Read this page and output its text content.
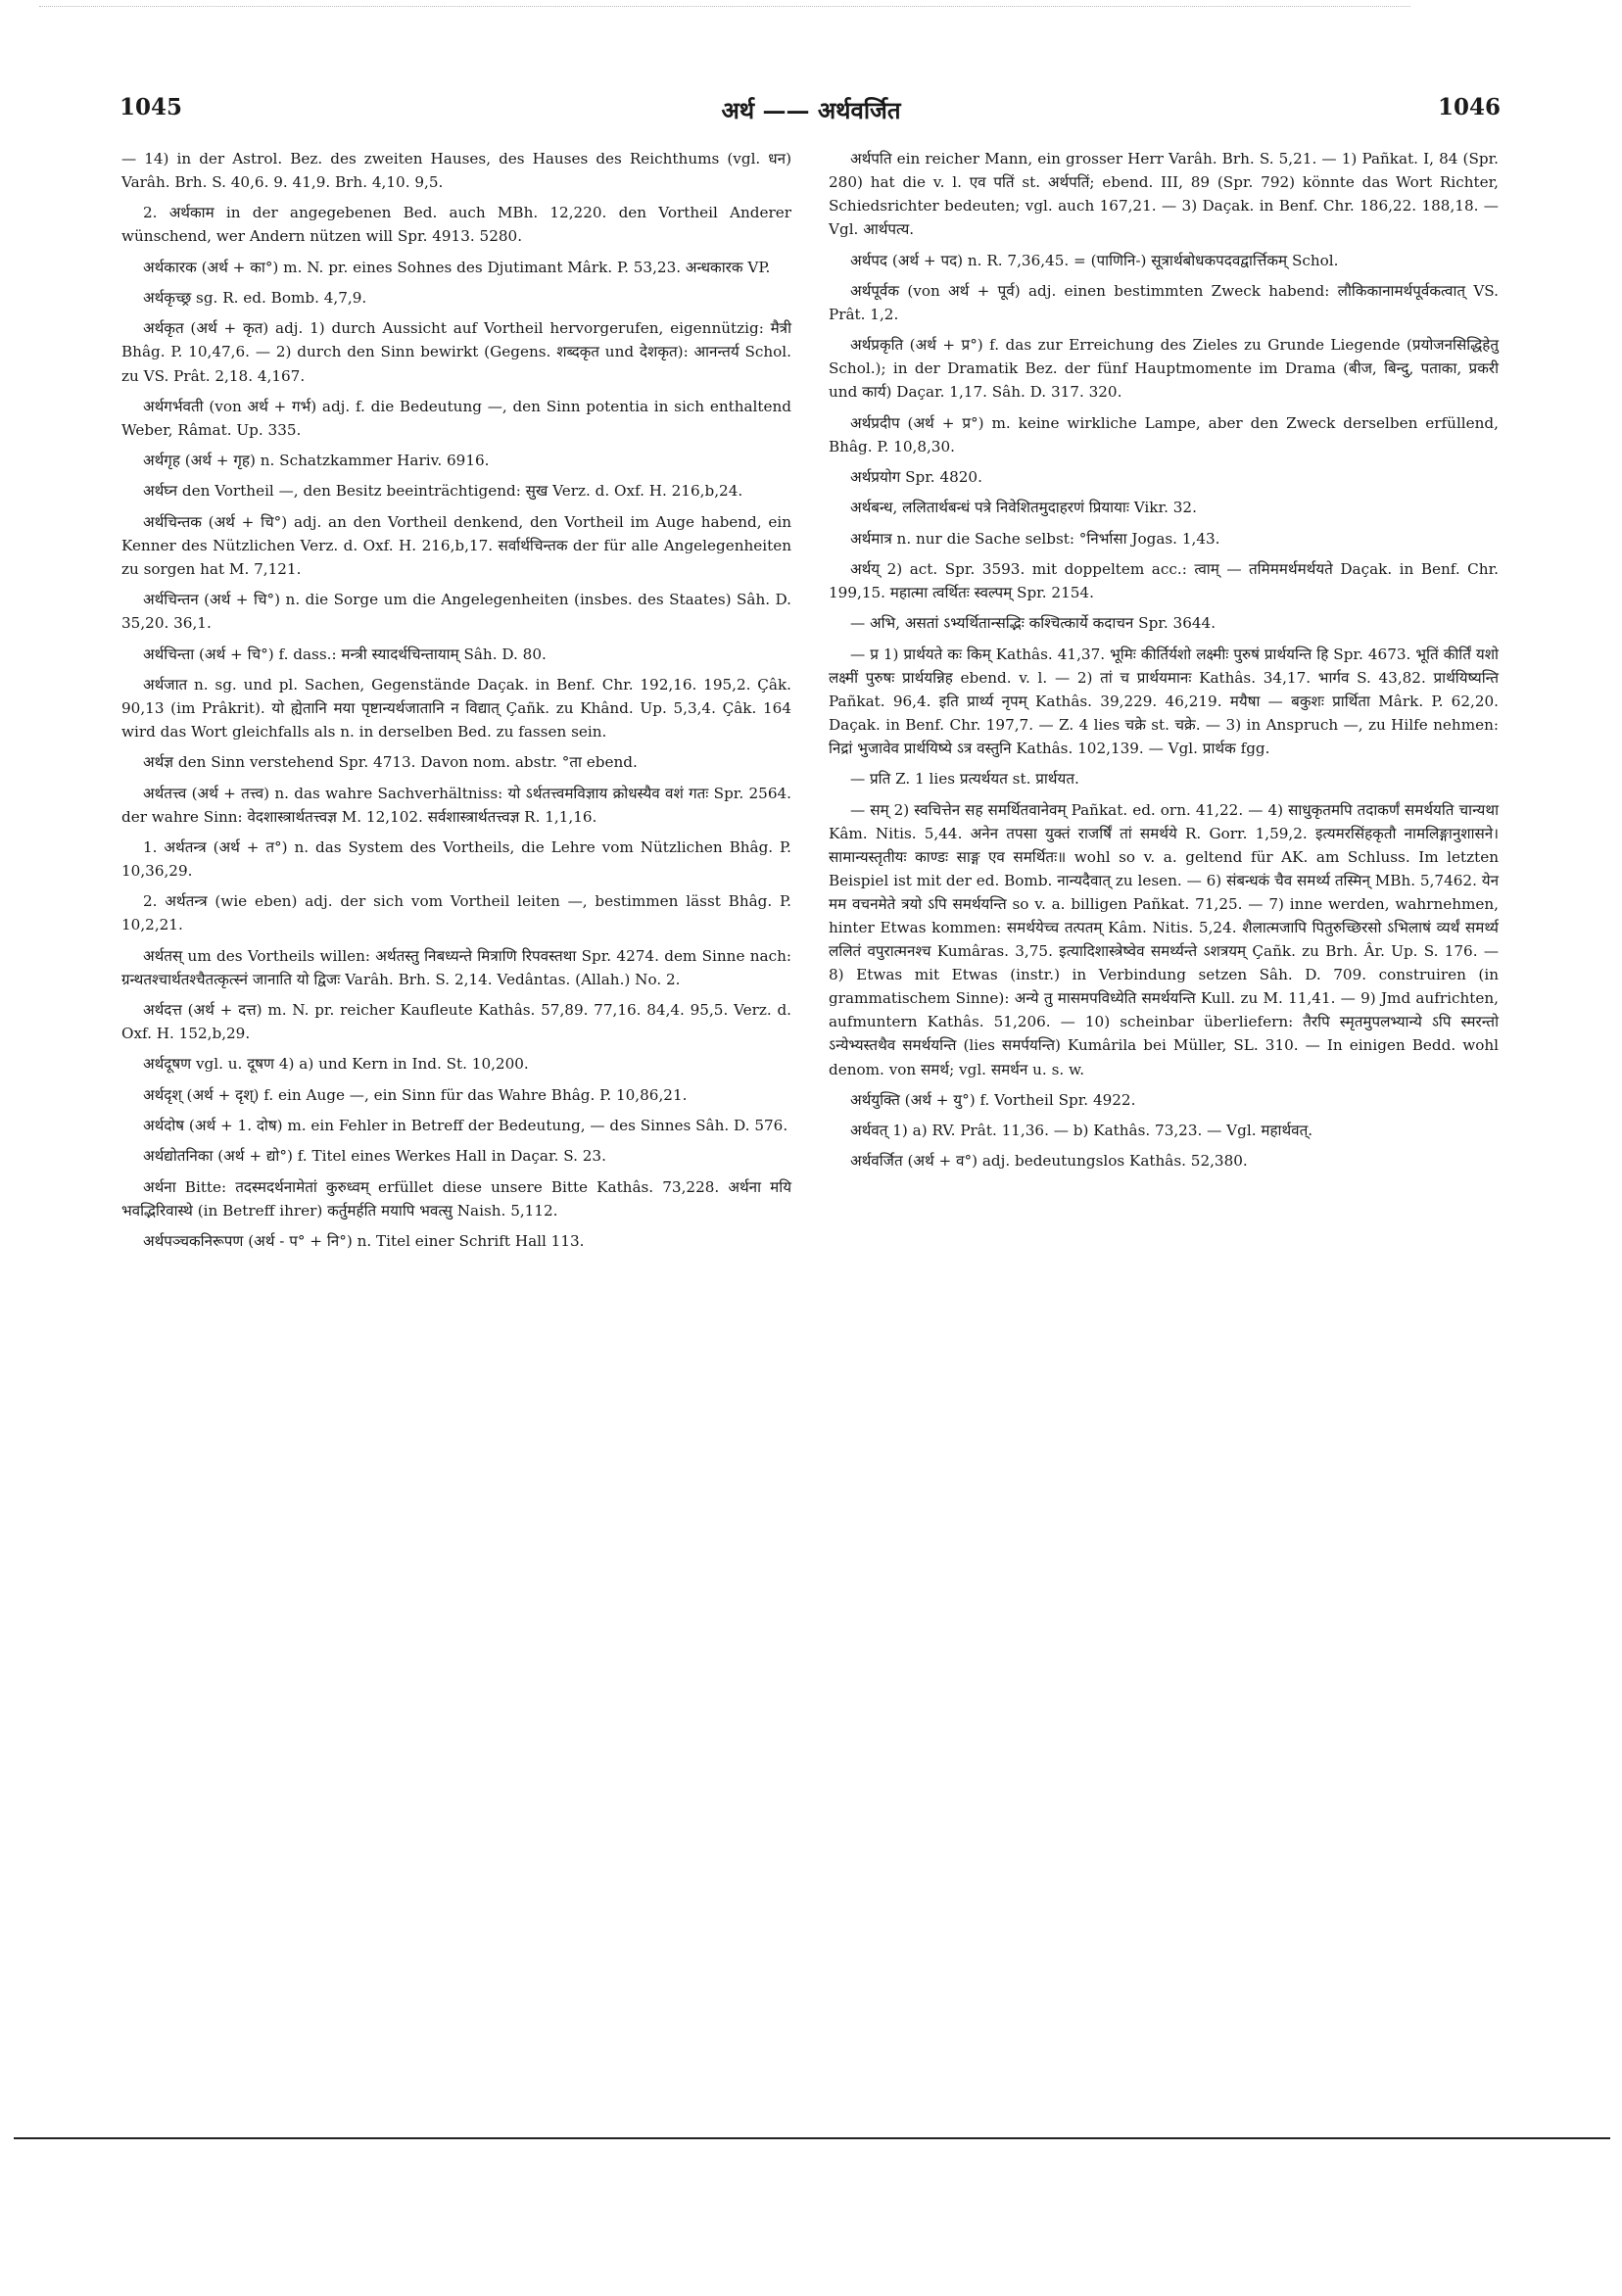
1045	अर्थ —— अर्थवर्जित	1046

— 14) in der Astrol. Bez. des zweiten Hauses, des Hauses des Reichthums (vgl. धन) Varâh. Brh. S. 40,6. 9. 41,9. Brh. 4,10. 9,5.

2. अर्थकाम in der angegebenen Bed. auch MBh. 12,220. den Vortheil Anderer wünschend, wer Andern nützen will Spr. 4913. 5280.

अर्थकारक (अर्थ + का°) m. N. pr. eines Sohnes des Djutimant Mârk. P. 53,23. अन्धकारक VP.

अर्थकृच्छ्र sg. R. ed. Bomb. 4,7,9.

अर्थकृत (अर्थ + कृत) adj. 1) durch Aussicht auf Vortheil hervorgerufen, eigennützig: मैत्री Bhâg. P. 10,47,6. — 2) durch den Sinn bewirkt (Gegens. शब्दकृत und देशकृत): आनन्तर्य Schol. zu VS. Prât. 2,18. 4,167.

अर्थगर्भवती (von अर्थ + गर्भ) adj. f. die Bedeutung —, den Sinn potentia in sich enthaltend Weber, Râmat. Up. 335.

अर्थगृह (अर्थ + गृह) n. Schatzkammer Hariv. 6916.

अर्थघ्न den Vortheil —, den Besitz beeinträchtigend: सुख Verz. d. Oxf. H. 216,b,24.

अर्थचिन्तक (अर्थ + चि°) adj. an den Vortheil denkend, den Vortheil im Auge habend, ein Kenner des Nützlichen Verz. d. Oxf. H. 216,b,17. सर्वार्थचिन्तक der für alle Angelegenheiten zu sorgen hat M. 7,121.

अर्थचिन्तन (अर्थ + चि°) n. die Sorge um die Angelegenheiten (insbes. des Staates) Sâh. D. 35,20. 36,1.

अर्थचिन्ता (अर्थ + चि°) f. dass.: मन्त्री स्यादर्थचिन्तायाम् Sâh. D. 80.

अर्थजात n. sg. und pl. Sachen, Gegenstände Daçak. in Benf. Chr. 192,16. 195,2. Çâk. 90,13 (im Prâkrit). यो ह्येतानि मया पृष्टान्यर्थजातानि न विद्यात् Çañk. zu Khând. Up. 5,3,4. Çâk. 164 wird das Wort gleichfalls als n. in derselben Bed. zu fassen sein.

अर्थज्ञ den Sinn verstehend Spr. 4713. Davon nom. abstr. °ता ebend.

अर्थतत्त्व (अर्थ + तत्त्व) n. das wahre Sachverhältniss: यो ऽर्थतत्त्वमविज्ञाय क्रोधस्यैव वशं गतः Spr. 2564. der wahre Sinn: वेदशास्त्रार्थतत्त्वज्ञ M. 12,102. सर्वशास्त्रार्थतत्त्वज्ञ R. 1,1,16.

1. अर्थतन्त्र (अर्थ + त°) n. das System des Vortheils, die Lehre vom Nützlichen Bhâg. P. 10,36,29.

2. अर्थतन्त्र (wie eben) adj. der sich vom Vortheil leiten —, bestimmen lässt Bhâg. P. 10,2,21.

अर्थतस् um des Vortheils willen: अर्थतस्तु निबध्यन्ते मित्राणि रिपवस्तथा Spr. 4274. dem Sinne nach: ग्रन्थतश्चार्थतश्चैतत्कृत्स्नं जानाति यो द्विजः Varâh. Brh. S. 2,14. Vedântas. (Allah.) No. 2.

अर्थदत्त (अर्थ + दत्त) m. N. pr. reicher Kaufleute Kathâs. 57,89. 77,16. 84,4. 95,5. Verz. d. Oxf. H. 152,b,29.

अर्थदूषण vgl. u. दूषण 4) a) und Kern in Ind. St. 10,200.

अर्थदृश् (अर्थ + दृश्) f. ein Auge —, ein Sinn für das Wahre Bhâg. P. 10,86,21.

अर्थदोष (अर्थ + 1. दोष) m. ein Fehler in Betreff der Bedeutung, — des Sinnes Sâh. D. 576.

अर्थद्योतनिका (अर्थ + द्यो°) f. Titel eines Werkes Hall in Daçar. S. 23.

अर्थना Bitte: तदस्मदर्थनामेतां कुरुध्वम् erfüllet diese unsere Bitte Kathâs. 73,228. अर्थना मयि भवद्भिरिवास्थे (in Betreff ihrer) कर्तुमर्हति मयापि भवत्सु Naish. 5,112.

अर्थपञ्चकनिरूपण (अर्थ - प° + नि°) n. Titel einer Schrift Hall 113.

अर्थपति ein reicher Mann, ein grosser Herr Varâh. Brh. S. 5,21. — 1) Pañkat. I, 84 (Spr. 280) hat die v. l. एव पतिं st. अर्थपतिं; ebend. III, 89 (Spr. 792) könnte das Wort Richter, Schiedsrichter bedeuten; vgl. auch 167,21. — 3) Daçak. in Benf. Chr. 186,22. 188,18. — Vgl. आर्थपत्य.

अर्थपद (अर्थ + पद) n. R. 7,36,45. = (पाणिनि-) सूत्रार्थबोधकपदवद्वार्त्तिकम् Schol.

अर्थपूर्वक (von अर्थ + पूर्व) adj. einen bestimmten Zweck habend: लौकिकानामर्थपूर्वकत्वात् VS. Prât. 1,2.

अर्थप्रकृति (अर्थ + प्र°) f. das zur Erreichung des Zieles zu Grunde Liegende (प्रयोजनसिद्धिहेतु Schol.); in der Dramatik Bez. der fünf Hauptmomente im Drama (बीज, बिन्दु, पताका, प्रकरी und कार्य) Daçar. 1,17. Sâh. D. 317. 320.

अर्थप्रदीप (अर्थ + प्र°) m. keine wirkliche Lampe, aber den Zweck derselben erfüllend, Bhâg. P. 10,8,30.

अर्थप्रयोग Spr. 4820.

अर्थबन्ध, ललितार्थबन्धं पत्रे निवेशितमुदाहरणं प्रियायाः Vikr. 32.

अर्थमात्र n. nur die Sache selbst: °निर्भासा Jogas. 1,43.

अर्थय् 2) act. Spr. 3593. mit doppeltem acc.: त्वाम् — तमिममर्थमर्थयते Daçak. in Benf. Chr. 199,15. महात्मा त्वर्थितः स्वल्पम् Spr. 2154.

— अभि, असतां ऽभ्यर्थितान्सद्भिः कश्चित्कार्ये कदाचन Spr. 3644.

— प्र 1) प्रार्थयते कः किम् Kathâs. 41,37. भूमिः कीर्तिर्यशो लक्ष्मीः पुरुषं प्रार्थयन्ति हि Spr. 4673. भूतिं कीर्तिं यशो लक्ष्मीं पुरुषः प्रार्थयन्निह ebend. v. l. — 2) तां च प्रार्थयमानः Kathâs. 34,17. भार्गव S. 43,82. प्रार्थयिष्यन्ति Pañkat. 96,4. इति प्रार्थ्य नृपम् Kathâs. 39,229. 46,219. मयैषा — बकुशः प्रार्थिता Mârk. P. 62,20. Daçak. in Benf. Chr. 197,7. — Z. 4 lies चक्रे st. चक्रे. — 3) in Anspruch —, zu Hilfe nehmen: निद्रां भुजावेव प्रार्थयिष्ये ऽत्र वस्तुनि Kathâs. 102,139. — Vgl. प्रार्थक fgg.

— प्रति Z. 1 lies प्रत्यर्थयत st. प्रार्थयत.

— सम् 2) स्वचित्तेन सह समर्थितवानेवम् Pañkat. ed. orn. 41,22. — 4) साधुकृतमपि तदाकर्णं समर्थयति चान्यथा Kâm. Nitis. 5,44. अनेन तपसा युक्तं राजर्षिं तां समर्थये R. Gorr. 1,59,2. इत्यमरसिंहकृतौ नामलिङ्गानुशासने। सामान्यस्तृतीयः काण्डः साङ्ग एव समर्थितः॥ wohl so v. a. geltend für AK. am Schluss. Im letzten Beispiel ist mit der ed. Bomb. नान्यदैवात् zu lesen. — 6) संबन्धकं चैव समर्थ्य तस्मिन् MBh. 5,7462. येन मम वचनमेते त्रयो ऽपि समर्थयन्ति so v. a. billigen Pañkat. 71,25. — 7) inne werden, wahrnehmen, hinter Etwas kommen: समर्थयेच्च तत्पतम् Kâm. Nitis. 5,24. शैलात्मजापि पितुरुच्छिरसो ऽभिलाषं व्यर्थं समर्थ्य ललितं वपुरात्मनश्च Kumâras. 3,75. इत्यादिशास्त्रेष्वेव समर्थ्यन्ते ऽशत्रयम् Çañk. zu Brh. Âr. Up. S. 176. — 8) Etwas mit Etwas (instr.) in Verbindung setzen Sâh. D. 709. construiren (in grammatischem Sinne): अन्ये तु मासमपविध्येति समर्थयन्ति Kull. zu M. 11,41. — 9) Jmd aufrichten, aufmuntern Kathâs. 51,206. — 10) scheinbar überliefern: तैरपि स्मृतमुपलभ्यान्ये ऽपि स्मरन्तो ऽन्येभ्यस्तथैव समर्थयन्ति (lies समर्पयन्ति) Kumârila bei Müller, SL. 310. — In einigen Bedd. wohl denom. von समर्थ; vgl. समर्थन u. s. w.

अर्थयुक्ति (अर्थ + यु°) f. Vortheil Spr. 4922.

अर्थवत् 1) a) RV. Prât. 11,36. — b) Kathâs. 73,23. — Vgl. महार्थवत्.

अर्थवर्जित (अर्थ + व°) adj. bedeutungslos Kathâs. 52,380.
